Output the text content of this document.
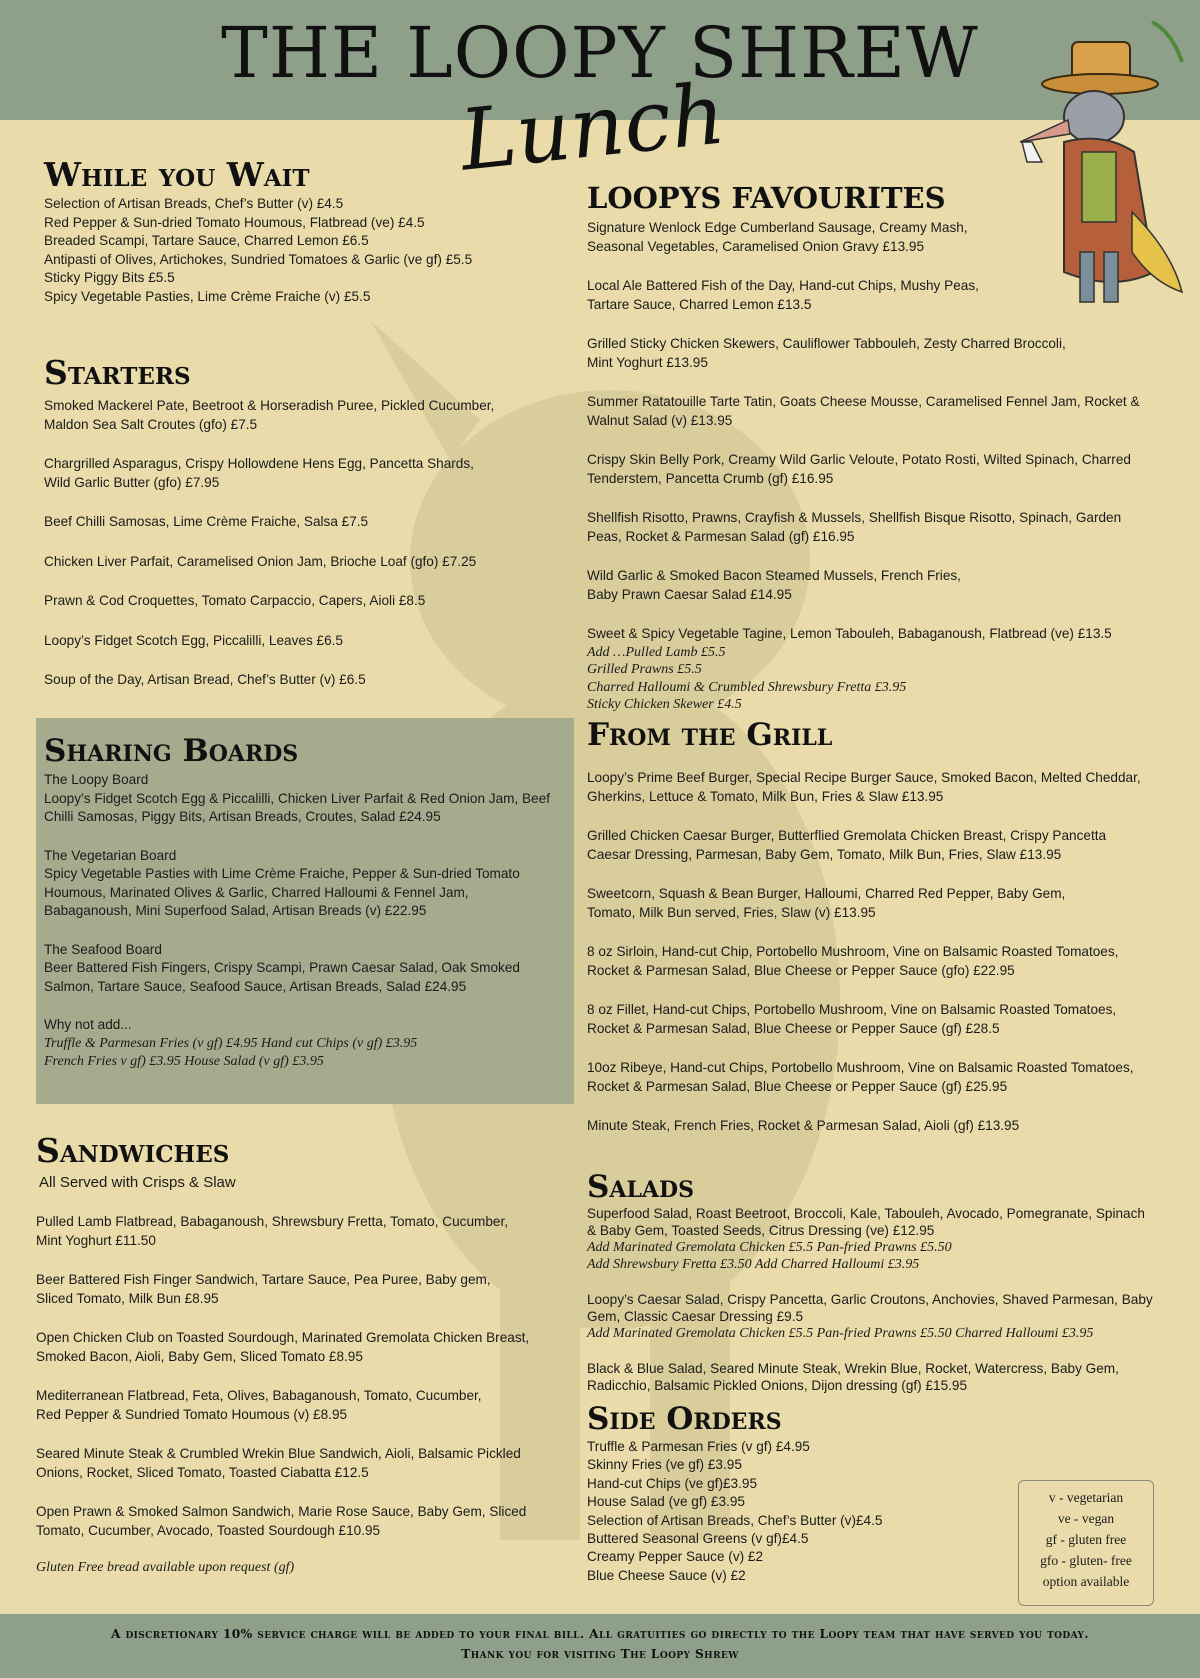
THE LOOPY SHREW
Lunch
While you Wait
Selection of Artisan Breads, Chef’s Butter (v) £4.5
Red Pepper & Sun-dried Tomato Houmous, Flatbread (ve) £4.5
Breaded Scampi, Tartare Sauce, Charred Lemon £6.5
Antipasti of Olives, Artichokes, Sundried Tomatoes & Garlic (ve gf) £5.5
Sticky Piggy Bits £5.5
Spicy Vegetable Pasties, Lime Crème Fraiche (v) £5.5
Starters
Smoked Mackerel Pate, Beetroot & Horseradish Puree, Pickled Cucumber,
Maldon Sea Salt Croutes (gfo) £7.5
Chargrilled Asparagus, Crispy Hollowdene Hens Egg, Pancetta Shards,
Wild Garlic Butter (gfo) £7.95
Beef Chilli Samosas, Lime Crème Fraiche, Salsa £7.5
Chicken Liver Parfait, Caramelised Onion Jam, Brioche Loaf (gfo) £7.25
Prawn & Cod Croquettes, Tomato Carpaccio, Capers, Aioli £8.5
Loopy’s Fidget Scotch Egg, Piccalilli, Leaves £6.5
Soup of the Day, Artisan Bread, Chef’s Butter (v) £6.5
Sharing Boards
The Loopy Board
Loopy’s Fidget Scotch Egg & Piccalilli, Chicken Liver Parfait & Red Onion Jam, Beef
Chilli Samosas, Piggy Bits, Artisan Breads, Croutes, Salad £24.95
The Vegetarian Board
Spicy Vegetable Pasties with Lime Crème Fraiche, Pepper & Sun-dried Tomato
Houmous, Marinated Olives & Garlic, Charred Halloumi & Fennel Jam,
Babaganoush, Mini Superfood Salad, Artisan Breads (v) £22.95
The Seafood Board
Beer Battered Fish Fingers, Crispy Scampi, Prawn Caesar Salad, Oak Smoked
Salmon, Tartare Sauce, Seafood Sauce, Artisan Breads, Salad £24.95
Why not add...
Truffle & Parmesan Fries (v gf) £4.95 Hand cut Chips (v gf) £3.95
French Fries v gf) £3.95 House Salad (v gf) £3.95
Sandwiches
All Served with Crisps & Slaw
Pulled Lamb Flatbread, Babaganoush, Shrewsbury Fretta, Tomato, Cucumber,
Mint Yoghurt £11.50
Beer Battered Fish Finger Sandwich, Tartare Sauce, Pea Puree, Baby gem,
Sliced Tomato, Milk Bun £8.95
Open Chicken Club on Toasted Sourdough, Marinated Gremolata Chicken Breast,
Smoked Bacon, Aioli, Baby Gem, Sliced Tomato £8.95
Mediterranean Flatbread, Feta, Olives, Babaganoush, Tomato, Cucumber,
Red Pepper & Sundried Tomato Houmous (v) £8.95
Seared Minute Steak & Crumbled Wrekin Blue Sandwich, Aioli, Balsamic Pickled
Onions, Rocket, Sliced Tomato, Toasted Ciabatta £12.5
Open Prawn & Smoked Salmon Sandwich, Marie Rose Sauce, Baby Gem, Sliced
Tomato, Cucumber, Avocado, Toasted Sourdough £10.95
Gluten Free bread available upon request (gf)
LOOPYS FAVOURITES
Signature Wenlock Edge Cumberland Sausage, Creamy Mash,
Seasonal Vegetables, Caramelised Onion Gravy £13.95
Local Ale Battered Fish of the Day, Hand-cut Chips, Mushy Peas,
Tartare Sauce, Charred Lemon £13.5
Grilled Sticky Chicken Skewers, Cauliflower Tabbouleh, Zesty Charred Broccoli,
Mint Yoghurt £13.95
Summer Ratatouille Tarte Tatin, Goats Cheese Mousse, Caramelised Fennel Jam, Rocket &
Walnut Salad (v) £13.95
Crispy Skin Belly Pork, Creamy Wild Garlic Veloute, Potato Rosti, Wilted Spinach, Charred
Tenderstem, Pancetta Crumb (gf) £16.95
Shellfish Risotto, Prawns, Crayfish & Mussels, Shellfish Bisque Risotto, Spinach, Garden
Peas, Rocket & Parmesan Salad (gf) £16.95
Wild Garlic & Smoked Bacon Steamed Mussels, French Fries,
Baby Prawn Caesar Salad £14.95
Sweet & Spicy Vegetable Tagine, Lemon Tabouleh, Babaganoush, Flatbread (ve) £13.5
Add …Pulled Lamb £5.5
Grilled Prawns £5.5
Charred Halloumi & Crumbled Shrewsbury Fretta £3.95
Sticky Chicken Skewer £4.5
From the Grill
Loopy’s Prime Beef Burger, Special Recipe Burger Sauce, Smoked Bacon, Melted Cheddar,
Gherkins, Lettuce & Tomato, Milk Bun, Fries & Slaw £13.95
Grilled Chicken Caesar Burger, Butterflied Gremolata Chicken Breast, Crispy Pancetta
Caesar Dressing, Parmesan, Baby Gem, Tomato, Milk Bun, Fries, Slaw £13.95
Sweetcorn, Squash & Bean Burger, Halloumi, Charred Red Pepper, Baby Gem,
Tomato, Milk Bun served, Fries, Slaw (v) £13.95
8 oz Sirloin, Hand-cut Chip, Portobello Mushroom, Vine on Balsamic Roasted Tomatoes,
Rocket & Parmesan Salad, Blue Cheese or Pepper Sauce (gfo) £22.95
8 oz Fillet, Hand-cut Chips, Portobello Mushroom, Vine on Balsamic Roasted Tomatoes,
Rocket & Parmesan Salad, Blue Cheese or Pepper Sauce (gf) £28.5
10oz Ribeye, Hand-cut Chips, Portobello Mushroom, Vine on Balsamic Roasted Tomatoes,
Rocket & Parmesan Salad, Blue Cheese or Pepper Sauce (gf) £25.95
Minute Steak, French Fries, Rocket & Parmesan Salad, Aioli (gf) £13.95
Salads
Superfood Salad, Roast Beetroot, Broccoli, Kale, Tabouleh, Avocado, Pomegranate, Spinach
& Baby Gem, Toasted Seeds, Citrus Dressing (ve) £12.95
Add Marinated Gremolata Chicken £5.5 Pan-fried Prawns £5.50
Add Shrewsbury Fretta £3.50 Add Charred Halloumi £3.95
Loopy’s Caesar Salad, Crispy Pancetta, Garlic Croutons, Anchovies, Shaved Parmesan, Baby
Gem, Classic Caesar Dressing £9.5
Add Marinated Gremolata Chicken £5.5 Pan-fried Prawns £5.50 Charred Halloumi £3.95
Black & Blue Salad, Seared Minute Steak, Wrekin Blue, Rocket, Watercress, Baby Gem,
Radicchio, Balsamic Pickled Onions, Dijon dressing (gf) £15.95
Side Orders
Truffle & Parmesan Fries (v gf) £4.95
Skinny Fries (ve gf) £3.95
Hand-cut Chips (ve gf)£3.95
House Salad (ve gf) £3.95
Selection of Artisan Breads, Chef’s Butter (v)£4.5
Buttered Seasonal Greens (v gf)£4.5
Creamy Pepper Sauce (v) £2
Blue Cheese Sauce (v) £2
v - vegetarian
ve - vegan
gf - gluten free
gfo - gluten- free
option available
A discretionary 10% service charge will be added to your final bill. All gratuities go directly to the Loopy team that have served you today.
Thank you for visiting The Loopy Shrew
